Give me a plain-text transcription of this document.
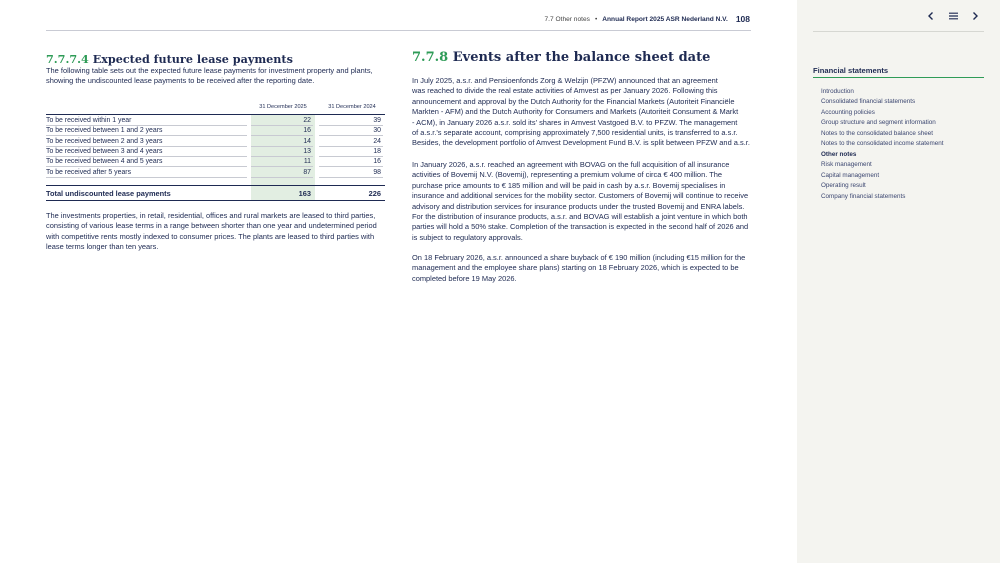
7.7 Other notes • Annual Report 2025 ASR Nederland N.V. 108
7.7.7.4 Expected future lease payments
The following table sets out the expected future lease payments for investment property and plants,
showing the undiscounted lease payments to be received after the reporting date.
31 December 2025	31 December 2024
To be received within 1 year	22	39
To be received between 1 and 2 years	16	30
To be received between 2 and 3 years	14	24
To be received between 3 and 4 years	13	18
To be received between 4 and 5 years	11	16
To be received after 5 years	87	98
Total undiscounted lease payments	163	226
The investments properties, in retail, residential, offices and rural markets are leased to third parties,
consisting of various lease terms in a range between shorter than one year and undetermined period
with competitive rents mostly indexed to consumer prices. The plants are leased to third parties with
lease terms longer than ten years.
7.7.8 Events after the balance sheet date
In July 2025, a.s.r. and Pensioenfonds Zorg & Welzijn (PFZW) announced that an agreement
was reached to divide the real estate activities of Amvest as per January 2026. Following this
announcement and approval by the Dutch Authority for the Financial Markets (Autoriteit Financiële
Markten - AFM) and the Dutch Authority for Consumers and Markets (Autoriteit Consument & Markt
- ACM), in January 2026 a.s.r. sold its' shares in Amvest Vastgoed B.V. to PFZW. The management
of a.s.r.'s separate account, comprising approximately 7,500 residential units, is transferred to a.s.r.
Besides, the development portfolio of Amvest Development Fund B.V. is split between PFZW and a.s.r.
In January 2026, a.s.r. reached an agreement with BOVAG on the full acquisition of all insurance
activities of Bovemij N.V. (Bovemij), representing a premium volume of circa € 400 million. The
purchase price amounts to € 185 million and will be paid in cash by a.s.r. Bovemij specialises in
insurance and additional services for the mobility sector. Customers of Bovemij will continue to receive
advisory and distribution services for insurance products under the trusted Bovemij and ENRA labels.
For the distribution of insurance products, a.s.r. and BOVAG will establish a joint venture in which both
parties will hold a 50% stake. Completion of the transaction is expected in the second half of 2026 and
is subject to regulatory approvals.
On 18 February 2026, a.s.r. announced a share buyback of € 190 million (including €15 million for the
management and the employee share plans) starting on 18 February 2026, which is expected to be
completed before 19 May 2026.
Financial statements
Introduction
Consolidated financial statements
Accounting policies
Group structure and segment information
Notes to the consolidated balance sheet
Notes to the consolidated income statement
Other notes
Risk management
Capital management
Operating result
Company financial statements
